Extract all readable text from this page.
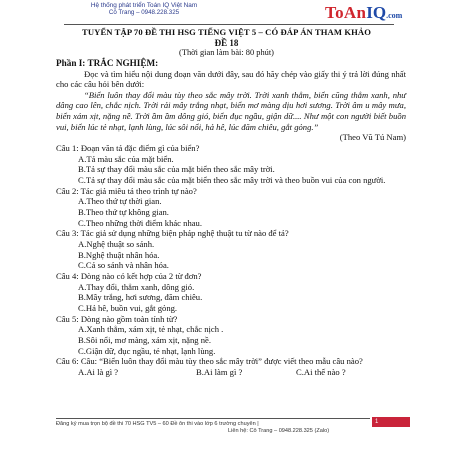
Hệ thống phát triển Toán IQ Việt Nam
Cô Trang – 0948.228.325	ToAnIQ.com
TUYỂN TẬP 70 ĐỀ THI HSG TIẾNG VIỆT 5 – CÓ ĐÁP ÁN THAM KHẢO
ĐỀ 18
(Thời gian làm bài: 80 phút)
Phần I: TRẮC NGHIỆM:
Đọc và tìm hiểu nội dung đoạn văn dưới đây, sau đó hãy chép vào giấy thi ý trả lời đúng nhất cho các câu hỏi bên dưới:
“Biển luôn thay đổi màu tùy theo sắc mây trời. Trời xanh thẳm, biển cũng thẳm xanh, như dâng cao lên, chắc nịch. Trời rải mây trắng nhạt, biển mơ màng dịu hơi sương. Trời âm u mây mưa, biển xám xịt, nặng nề. Trời ầm ầm dông gió, biển đục ngầu, giận dữ.... Như một con người biết buồn vui, biển lúc tẻ nhạt, lạnh lùng, lúc sôi nổi, hả hê, lúc đăm chiêu, gắt gỏng.”
(Theo Vũ Tú Nam)
Câu 1: Đoạn văn tả đặc điểm gì của biển?
A.Tả màu sắc của mặt biển.
B.Tả sự thay đổi màu sắc của mặt biển theo sắc mây trời.
C.Tả sự thay đổi màu sắc của mặt biển theo sắc mây trời và theo buồn vui của con người.
Câu 2: Tác giả miêu tả theo trình tự nào?
A.Theo thứ tự thời gian.
B.Theo thứ tự không gian.
C.Theo những thời điểm khác nhau.
Câu 3: Tác giả sử dụng những biện pháp nghệ thuật tu từ nào để tả?
A.Nghệ thuật so sánh.
B.Nghệ thuật nhân hóa.
C.Cả so sánh và nhân hóa.
Câu 4: Dòng nào có kết hợp của 2 từ đơn?
A.Thay đổi, thẳm xanh, dông gió.
B.Mây trắng, hơi sương, đăm chiêu.
C.Hả hê, buồn vui, gắt gỏng.
Câu 5: Dòng nào gồm toàn tính từ?
A.Xanh thẳm, xám xịt, tẻ nhạt, chắc nịch .
B.Sôi nổi, mơ màng, xám xịt, nặng nề.
C.Giận dữ, đục ngầu, tẻ nhạt, lạnh lùng.
Câu 6: Câu: “Biển luôn thay đổi màu tùy theo sắc mây trời” được viết theo mẫu câu nào?
A.Ai là gì ?	B.Ai làm gì ?	C.Ai thế nào ?
1
Đăng ký mua trọn bộ đề thi 70 HSG TV5 – 60 Đề ôn thi vào lớp 6 trường chuyên |
Liên hệ: Cô Trang – 0948.228.325 (Zalo)
